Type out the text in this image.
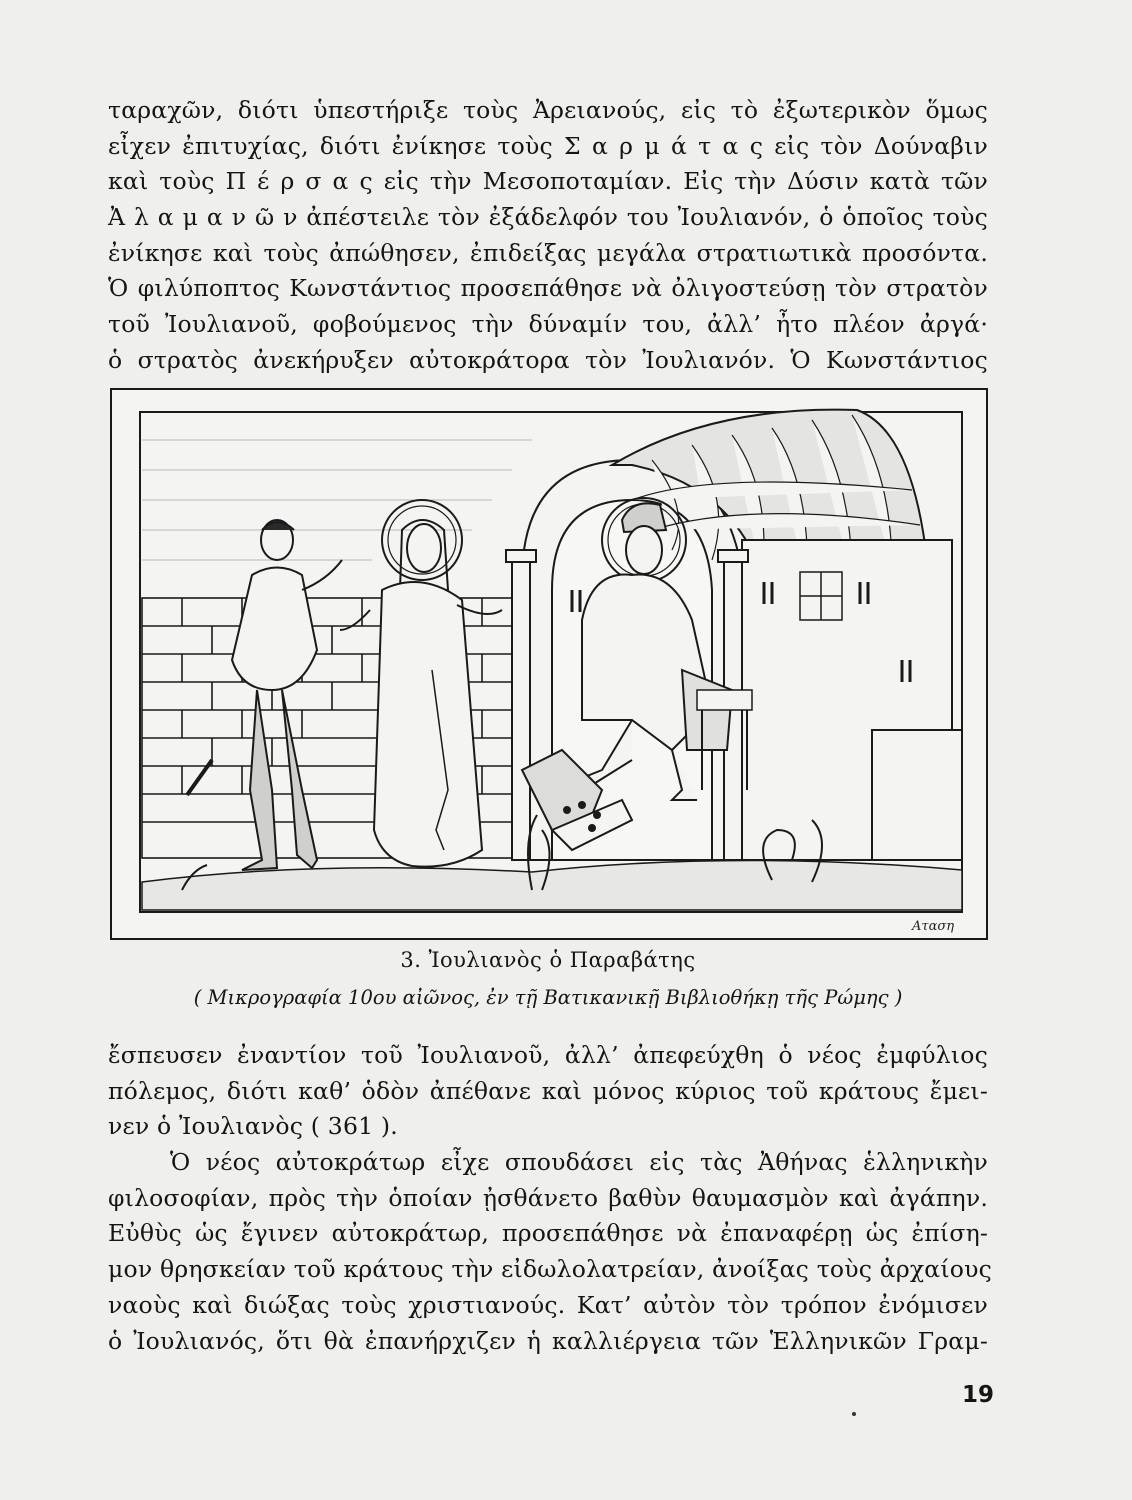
ταραχῶν, διότι ὑπεστήριξε τοὺς Ἀρειανούς, εἰς τὸ ἐξωτερικὸν ὅμως
εἶχεν ἐπιτυχίας, διότι ἐνίκησε τοὺς Σ α ρ μ ά τ α ς εἰς τὸν Δούναβιν
καὶ τοὺς Π έ ρ σ α ς εἰς τὴν Μεσοποταμίαν. Εἰς τὴν Δύσιν κατὰ τῶν
Ἀ λ α μ α ν ῶ ν ἀπέστειλε τὸν ἐξάδελφόν του Ἰουλιανόν, ὁ ὁποῖος τοὺς
ἐνίκησε καὶ τοὺς ἀπώθησεν, ἐπιδείξας μεγάλα στρατιωτικὰ προσόντα.
Ὁ φιλύποπτος Κωνστάντιος προσεπάθησε νὰ ὀλιγοστεύσῃ τὸν στρατὸν
τοῦ Ἰουλιανοῦ, φοβούμενος τὴν δύναμίν του, ἀλλ’ ἦτο πλέον ἀργά·
ὁ στρατὸς ἀνεκήρυξεν αὐτοκράτορα τὸν Ἰουλιανόν. Ὁ Κωνστάντιος
Αταση
3. Ἰουλιανὸς ὁ Παραβάτης
( Μικρογραφία 10ου αἰῶνος, ἐν τῇ Βατικανικῇ Βιβλιοθήκῃ τῆς Ρώμης )
ἔσπευσεν ἐναντίον τοῦ Ἰουλιανοῦ, ἀλλ’ ἀπεφεύχθη ὁ νέος ἐμφύλιος
πόλεμος, διότι καθ’ ὁδὸν ἀπέθανε καὶ μόνος κύριος τοῦ κράτους ἔμει-
νεν ὁ Ἰουλιανὸς ( 361 ).
Ὁ νέος αὐτοκράτωρ εἶχε σπουδάσει εἰς τὰς Ἀθήνας ἑλληνικὴν
φιλοσοφίαν, πρὸς τὴν ὁποίαν ᾐσθάνετο βαθὺν θαυμασμὸν καὶ ἀγάπην.
Εὐθὺς ὡς ἔγινεν αὐτοκράτωρ, προσεπάθησε νὰ ἐπαναφέρῃ ὡς ἐπίση-
μον θρησκείαν τοῦ κράτους τὴν εἰδωλολατρείαν, ἀνοίξας τοὺς ἀρχαίους
ναοὺς καὶ διώξας τοὺς χριστιανούς. Κατ’ αὐτὸν τὸν τρόπον ἐνόμισεν
ὁ Ἰουλιανός, ὅτι θὰ ἐπανήρχιζεν ἡ καλλιέργεια τῶν Ἑλληνικῶν Γραμ-
19
